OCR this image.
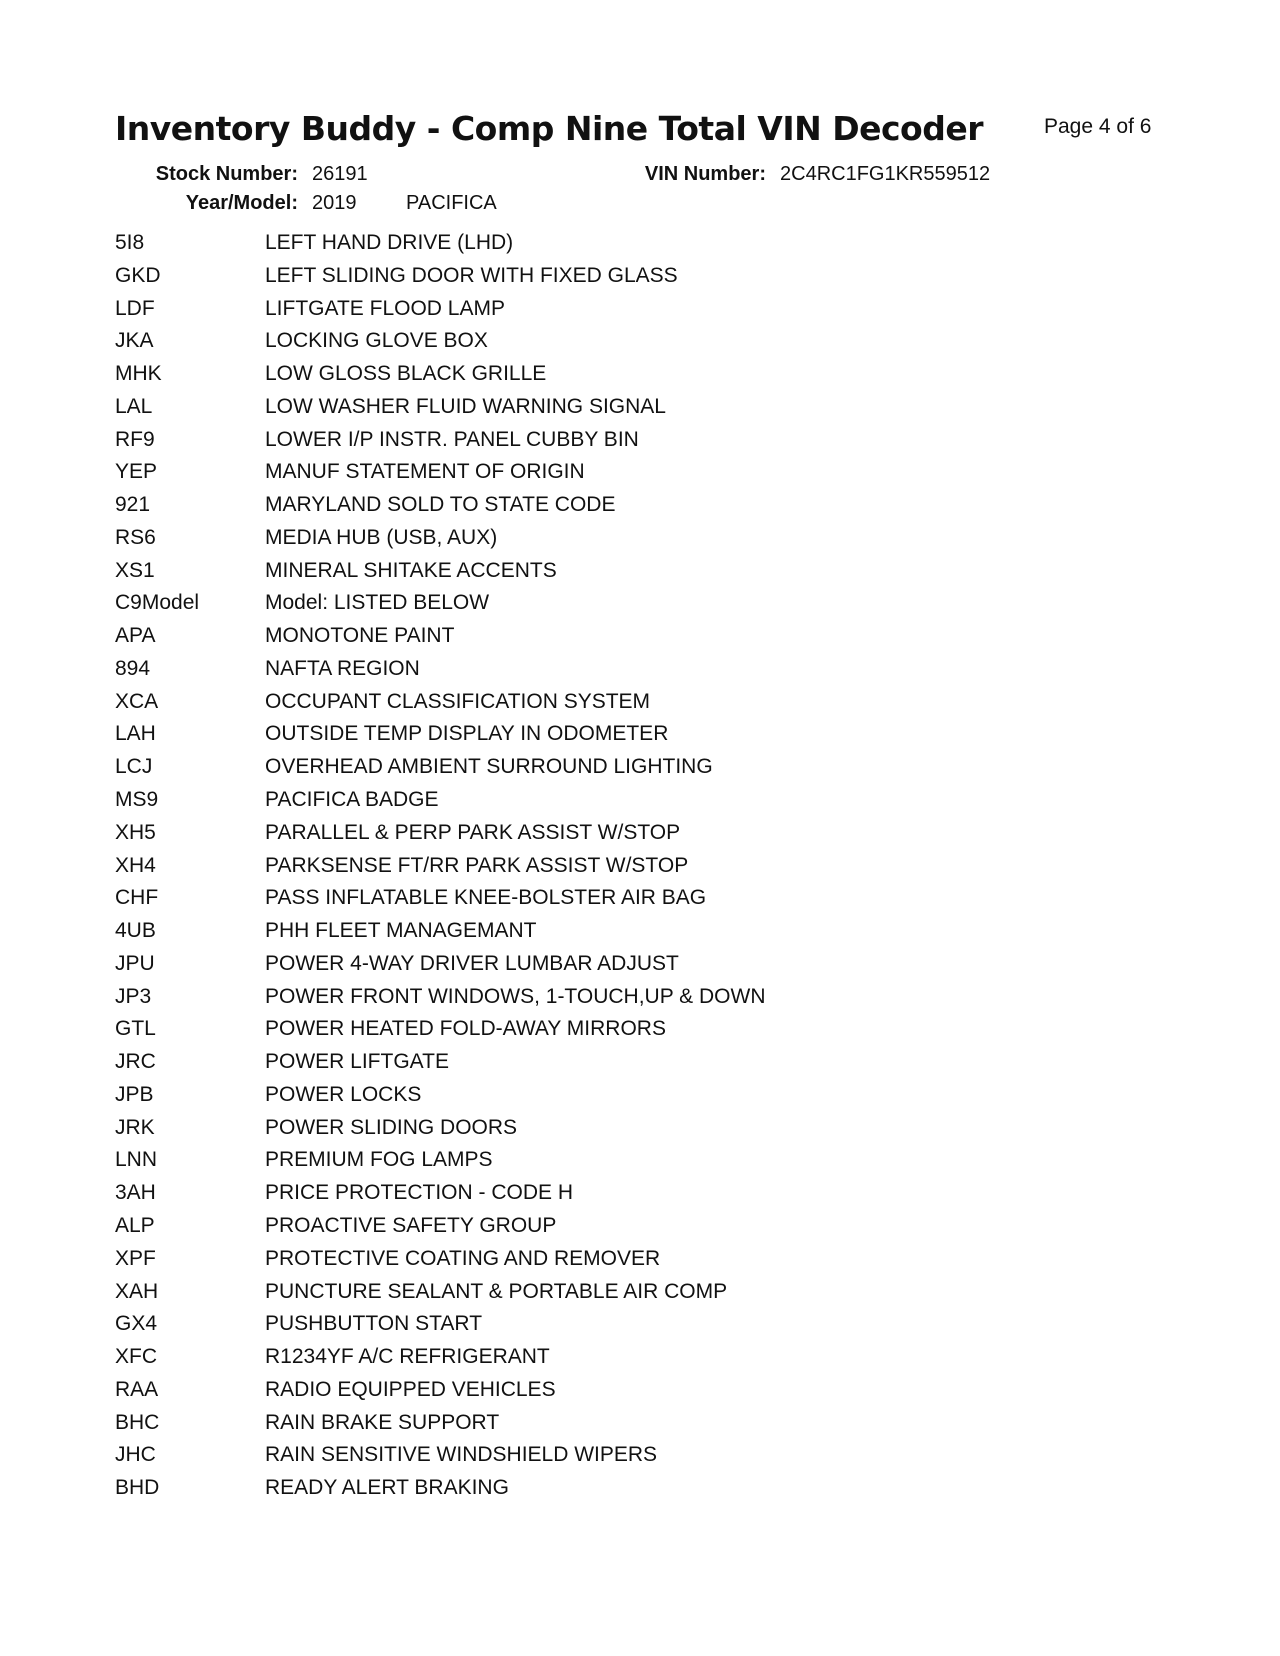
Inventory Buddy - Comp Nine Total VIN Decoder	Page 4 of 6
Stock Number: 26191	VIN Number: 2C4RC1FG1KR559512
Year/Model: 2019 PACIFICA
5I8	LEFT HAND DRIVE (LHD)
GKD	LEFT SLIDING DOOR WITH FIXED GLASS
LDF	LIFTGATE FLOOD LAMP
JKA	LOCKING GLOVE BOX
MHK	LOW GLOSS BLACK GRILLE
LAL	LOW WASHER FLUID WARNING SIGNAL
RF9	LOWER I/P INSTR. PANEL CUBBY BIN
YEP	MANUF STATEMENT OF ORIGIN
921	MARYLAND SOLD TO STATE CODE
RS6	MEDIA HUB (USB, AUX)
XS1	MINERAL SHITAKE ACCENTS
C9Model	Model: LISTED BELOW
APA	MONOTONE PAINT
894	NAFTA REGION
XCA	OCCUPANT CLASSIFICATION SYSTEM
LAH	OUTSIDE TEMP DISPLAY IN ODOMETER
LCJ	OVERHEAD AMBIENT SURROUND LIGHTING
MS9	PACIFICA BADGE
XH5	PARALLEL & PERP PARK ASSIST W/STOP
XH4	PARKSENSE FT/RR PARK ASSIST W/STOP
CHF	PASS INFLATABLE KNEE-BOLSTER AIR BAG
4UB	PHH FLEET MANAGEMANT
JPU	POWER 4-WAY DRIVER LUMBAR ADJUST
JP3	POWER FRONT WINDOWS, 1-TOUCH,UP & DOWN
GTL	POWER HEATED FOLD-AWAY MIRRORS
JRC	POWER LIFTGATE
JPB	POWER LOCKS
JRK	POWER SLIDING DOORS
LNN	PREMIUM FOG LAMPS
3AH	PRICE PROTECTION - CODE H
ALP	PROACTIVE SAFETY GROUP
XPF	PROTECTIVE COATING AND REMOVER
XAH	PUNCTURE SEALANT & PORTABLE AIR COMP
GX4	PUSHBUTTON START
XFC	R1234YF A/C REFRIGERANT
RAA	RADIO EQUIPPED VEHICLES
BHC	RAIN BRAKE SUPPORT
JHC	RAIN SENSITIVE WINDSHIELD WIPERS
BHD	READY ALERT BRAKING
